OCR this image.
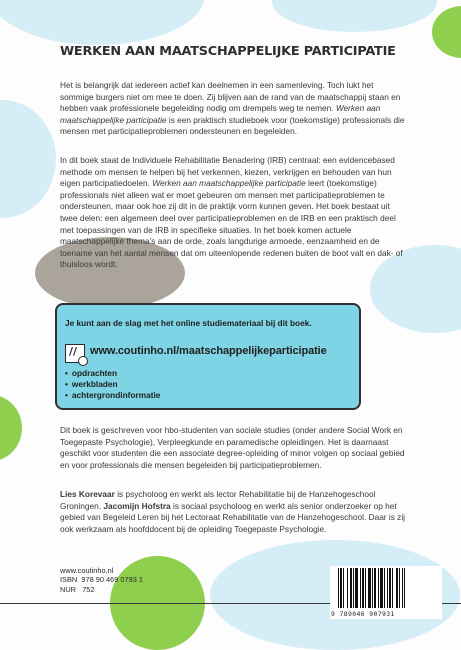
WERKEN AAN MAATSCHAPPELIJKE PARTICIPATIE

Het is belangrijk dat iedereen actief kan deelnemen in een samenleving. Toch lukt het sommige burgers niet om mee te doen. Zij blijven aan de rand van de maatschappij staan en hebben vaak professionele begeleiding nodig om drempels weg te nemen. Werken aan maatschappelijke participatie is een praktisch studieboek voor (toekomstige) professionals die mensen met participatieproblemen ondersteunen en begeleiden.

In dit boek staat de Individuele Rehabilitatie Benadering (IRB) centraal: een evidencebased methode om mensen te helpen bij het verkennen, kiezen, verkrijgen en behouden van hun eigen participatiedoelen. Werken aan maatschappelijke participatie leert (toekomstige) professionals niet alleen wat er moet gebeuren om mensen met participatieproblemen te ondersteunen, maar ook hoe zij dit in de praktijk vorm kunnen geven. Het boek bestaat uit twee delen: een algemeen deel over participatieproblemen en de IRB en een praktisch deel met toepassingen van de IRB in specifieke situaties. In het boek komen actuele maatschappelijke thema’s aan de orde, zoals langdurige armoede, eenzaamheid en de toename van het aantal mensen dat om uiteenlopende redenen buiten de boot valt en dak- of thuisloos wordt.

Je kunt aan de slag met het online studiemateriaal bij dit boek.
// www.coutinho.nl/maatschappelijkeparticipatie
• opdrachten
• werkbladen
• achtergrondinformatie

Dit boek is geschreven voor hbo-studenten van sociale studies (onder andere Social Work en Toegepaste Psychologie), Verpleegkunde en paramedische opleidingen. Het is daarnaast geschikt voor studenten die een associate degree-opleiding of minor volgen op sociaal gebied en voor professionals die mensen begeleiden bij participatieproblemen.

Lies Korevaar is psycholoog en werkt als lector Rehabilitatie bij de Hanzehogeschool Groningen. Jacomijn Hofstra is sociaal psycholoog en werkt als senior onderzoeker op het gebied van Begeleid Leren bij het Lectoraat Rehabilitatie van de Hanzehogeschool. Daar is zij ook werkzaam als hoofddocent bij de opleiding Toegepaste Psychologie.

www.coutinho.nl
ISBN 978 90 469 0793 1
NUR 752
9 789046 907931
